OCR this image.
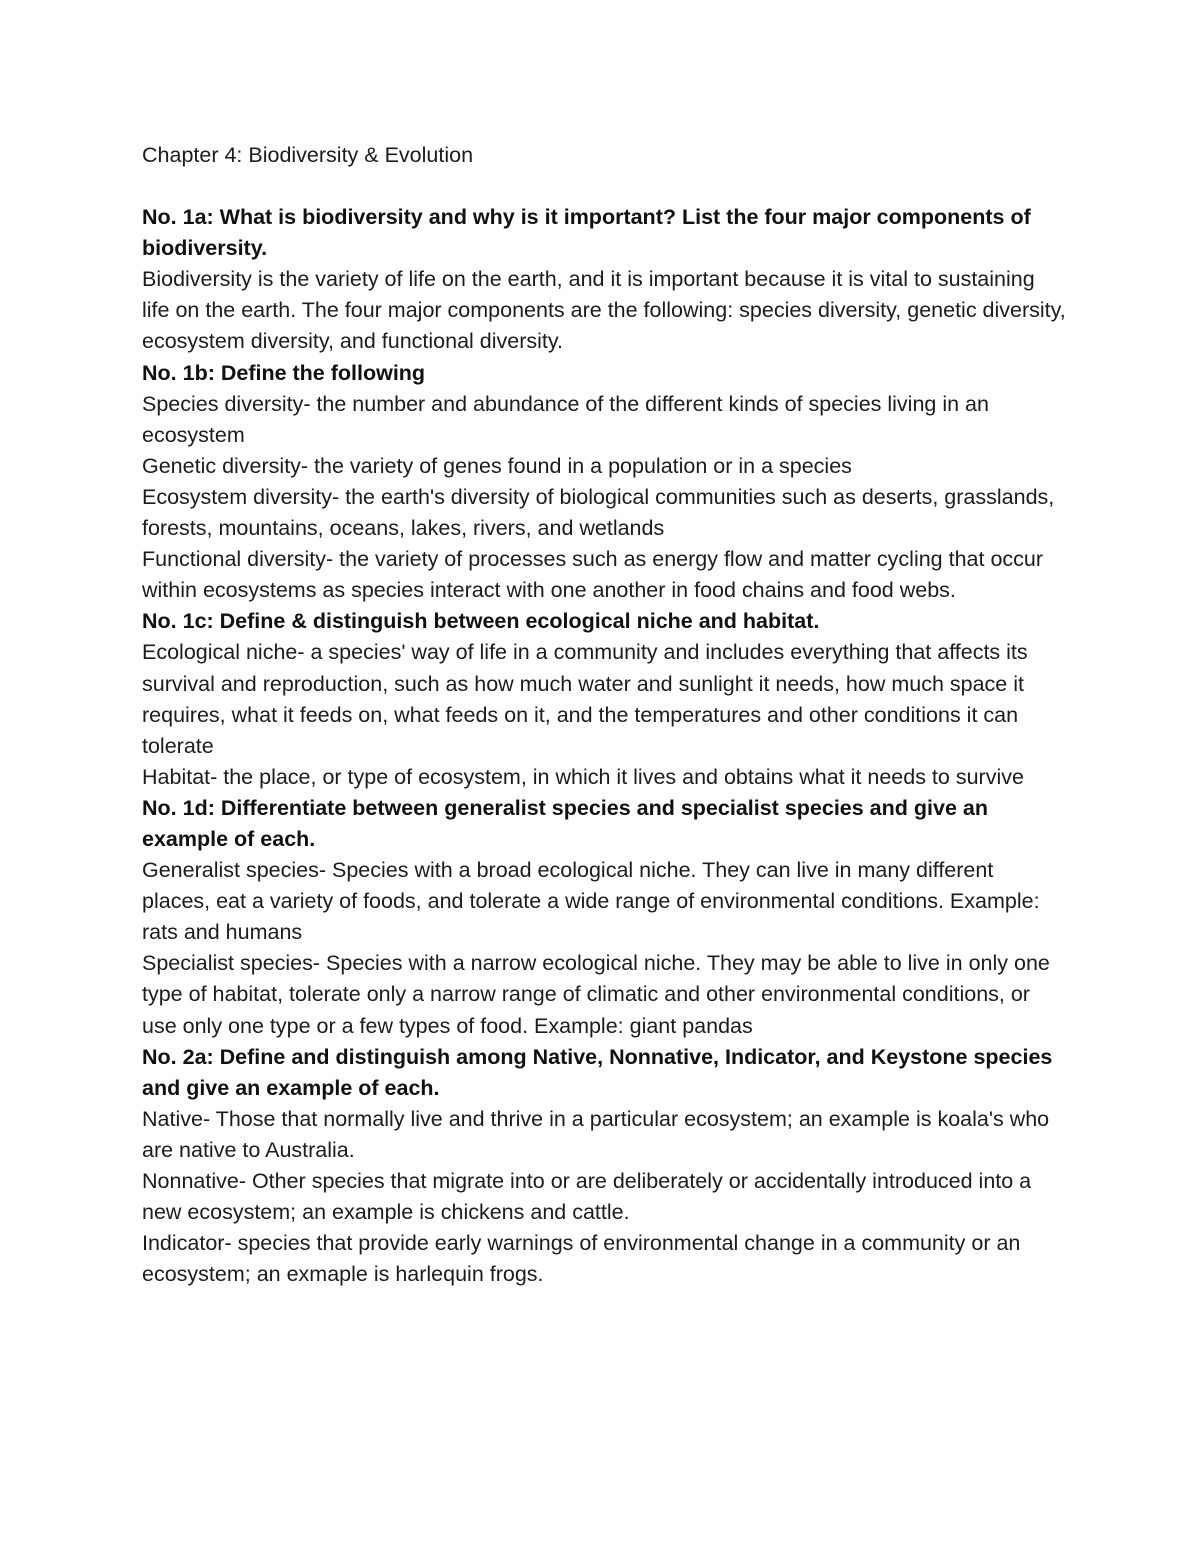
Chapter 4: Biodiversity & Evolution

No. 1a: What is biodiversity and why is it important? List the four major components of biodiversity.

Biodiversity is the variety of life on the earth, and it is important because it is vital to sustaining life on the earth. The four major components are the following: species diversity, genetic diversity, ecosystem diversity, and functional diversity.

No. 1b: Define the following

Species diversity- the number and abundance of the different kinds of species living in an ecosystem

Genetic diversity- the variety of genes found in a population or in a species

Ecosystem diversity- the earth's diversity of biological communities such as deserts, grasslands, forests, mountains, oceans, lakes, rivers, and wetlands

Functional diversity- the variety of processes such as energy flow and matter cycling that occur within ecosystems as species interact with one another in food chains and food webs.

No. 1c: Define & distinguish between ecological niche and habitat.

Ecological niche- a species' way of life in a community and includes everything that affects its survival and reproduction, such as how much water and sunlight it needs, how much space it requires, what it feeds on, what feeds on it, and the temperatures and other conditions it can tolerate

Habitat- the place, or type of ecosystem, in which it lives and obtains what it needs to survive

No. 1d: Differentiate between generalist species and specialist species and give an example of each.

Generalist species- Species with a broad ecological niche. They can live in many different places, eat a variety of foods, and tolerate a wide range of environmental conditions. Example: rats and humans

Specialist species- Species with a narrow ecological niche. They may be able to live in only one type of habitat, tolerate only a narrow range of climatic and other environmental conditions, or use only one type or a few types of food. Example: giant pandas

No. 2a: Define and distinguish among Native, Nonnative, Indicator, and Keystone species and give an example of each.

Native- Those that normally live and thrive in a particular ecosystem; an example is koala's who are native to Australia.

Nonnative- Other species that migrate into or are deliberately or accidentally introduced into a new ecosystem; an example is chickens and cattle.

Indicator- species that provide early warnings of environmental change in a community or an ecosystem; an exmaple is harlequin frogs.
